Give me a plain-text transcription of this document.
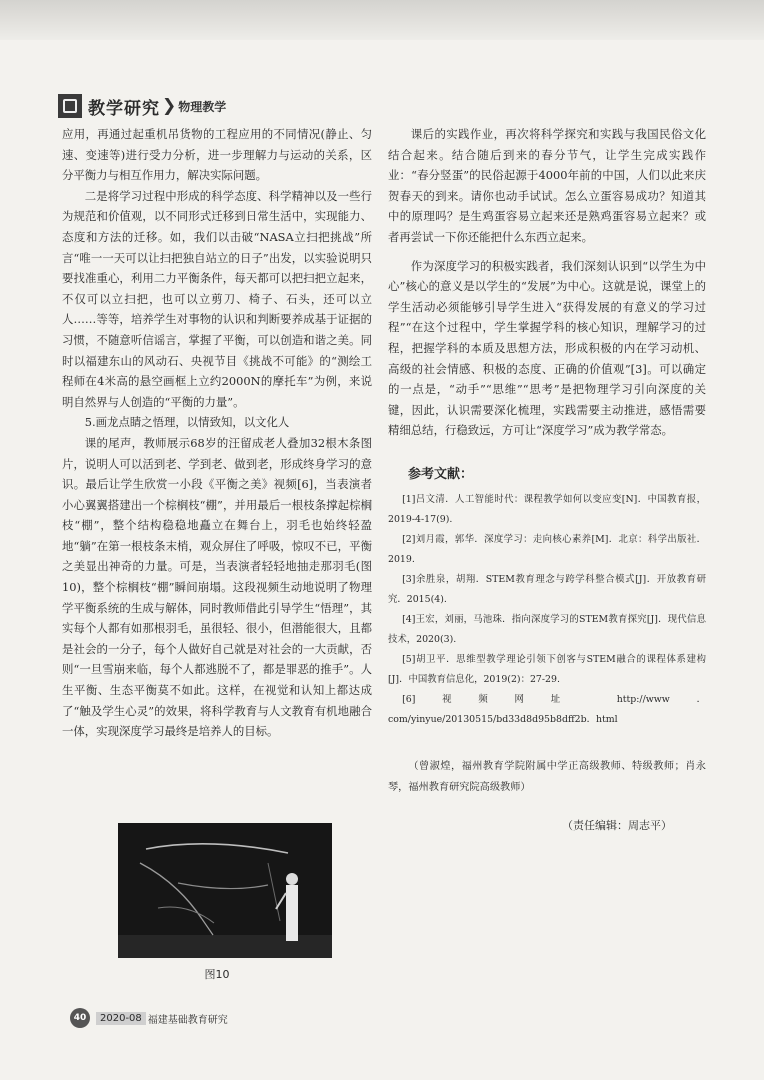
教学研究 ❯ 物理教学

应用，再通过起重机吊货物的工程应用的不同情况(静止、匀速、变速等)进行受力分析，进一步理解力与运动的关系，区分平衡力与相互作用力，解决实际问题。

二是将学习过程中形成的科学态度、科学精神以及一些行为规范和价值观，以不同形式迁移到日常生活中，实现能力、态度和方法的迁移。如，我们以击破“NASA立扫把挑战”所言“唯一一天可以让扫把独自站立的日子”出发，以实验说明只要找准重心，利用二力平衡条件，每天都可以把扫把立起来，不仅可以立扫把，也可以立剪刀、椅子、石头，还可以立人……等等，培养学生对事物的认识和判断要养成基于证据的习惯，不随意听信谣言，掌握了平衡，可以创造和谐之美。同时以福建东山的风动石、央视节目《挑战不可能》的“测绘工程师在4米高的悬空画框上立约2000N的摩托车”为例，来说明自然界与人创造的“平衡的力量”。

5.画龙点睛之悟理，以情致知，以文化人

课的尾声，教师展示68岁的汪留成老人叠加32根木条图片，说明人可以活到老、学到老、做到老，形成终身学习的意识。最后让学生欣赏一小段《平衡之美》视频[6]，当表演者小心翼翼搭建出一个棕榈枝“棚”，并用最后一根枝条撑起棕榈枝“棚”，整个结构稳稳地矗立在舞台上，羽毛也始终轻盈地“躺”在第一根枝条末梢，观众屏住了呼吸，惊叹不已，平衡之美显出神奇的力量。可是，当表演者轻轻地抽走那羽毛(图10)，整个棕榈枝“棚”瞬间崩塌。这段视频生动地说明了物理学平衡系统的生成与解体，同时教师借此引导学生“悟理”，其实每个人都有如那根羽毛，虽很轻、很小，但潜能很大，且都是社会的一分子，每个人做好自己就是对社会的一大贡献，否则“一旦雪崩来临，每个人都逃脱不了，都是罪恶的推手”。人生平衡、生态平衡莫不如此。这样，在视觉和认知上都达成了“触及学生心灵”的效果，将科学教育与人文教育有机地融合一体，实现深度学习最终是培养人的目标。

图10

课后的实践作业，再次将科学探究和实践与我国民俗文化结合起来。结合随后到来的春分节气，让学生完成实践作业：“春分竖蛋”的民俗起源于4000年前的中国，人们以此来庆贺春天的到来。请你也动手试试。怎么立蛋容易成功？知道其中的原理吗？是生鸡蛋容易立起来还是熟鸡蛋容易立起来？或者再尝试一下你还能把什么东西立起来。

作为深度学习的积极实践者，我们深刻认识到“以学生为中心”核心的意义是以学生的“发展”为中心。这就是说，课堂上的学生活动必须能够引导学生进入“获得发展的有意义的学习过程”“在这个过程中，学生掌握学科的核心知识，理解学习的过程，把握学科的本质及思想方法，形成积极的内在学习动机、高级的社会情感、积极的态度、正确的价值观”[3]。可以确定的一点是，“动手”“思维”“思考”是把物理学习引向深度的关键，因此，认识需要深化梳理，实践需要主动推进，感悟需要精细总结，行稳致远，方可让“深度学习”成为教学常态。

参考文献：

[1]吕文清．人工智能时代：课程教学如何以变应变[N]．中国教育报，2019-4-17(9).

[2]刘月霞，郭华．深度学习：走向核心素养[M]．北京：科学出版社．2019.

[3]余胜泉，胡翔．STEM教育理念与跨学科整合模式[J]．开放教育研究．2015(4).

[4]王宏，刘丽，马池珠．指向深度学习的STEM教育探究[J]．现代信息技术，2020(3).

[5]胡卫平．思维型教学理论引领下创客与STEM融合的课程体系建构[J]．中国教育信息化，2019(2)：27-29.

[6]视频网址 http://www．com/yinyue/20130515/bd33d8d95b8dff2b．html

（曾淑煌，福州教育学院附属中学正高级教师、特级教师；肖永琴，福州教育研究院高级教师）

（责任编辑：周志平）

40	2020-08 福建基础教育研究
